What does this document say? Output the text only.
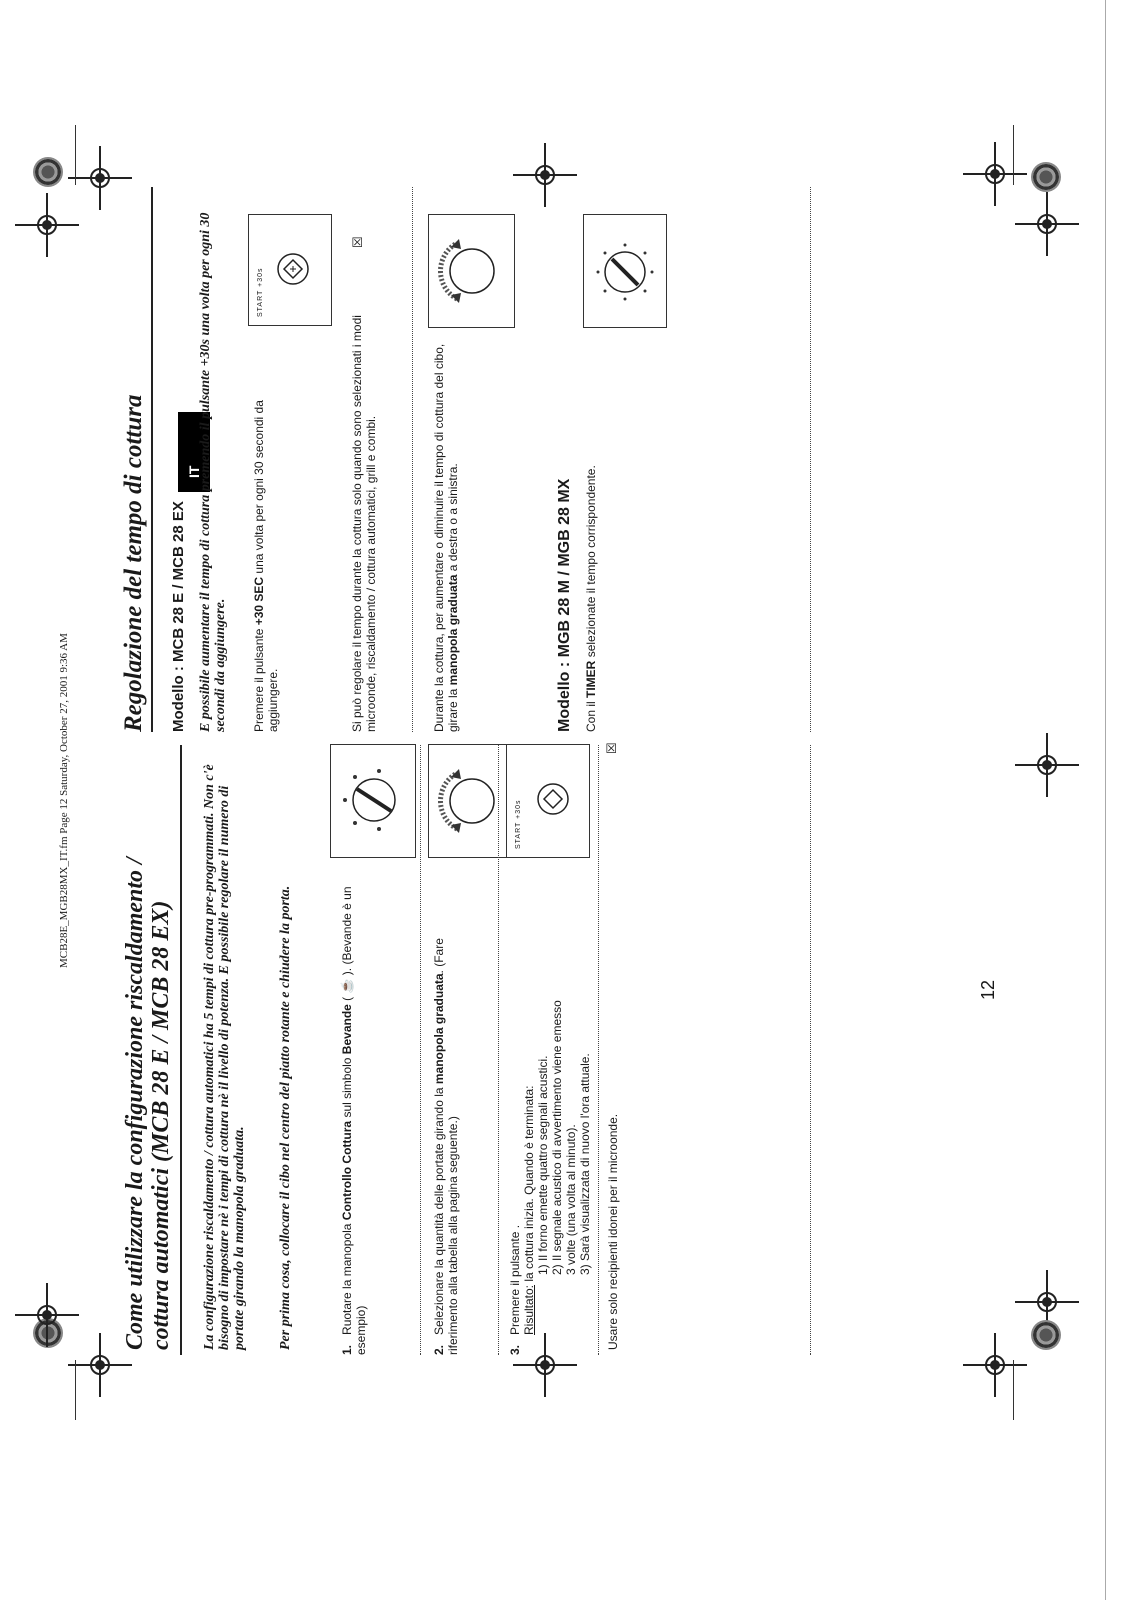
MCB28E_MGB28MX_IT.fm Page 12 Saturday, October 27, 2001 9:36 AM
IT
Regolazione del tempo di cottura Modello : MCB 28 E / MCB 28 EX E possibile aumentare il tempo di cottura premendo il pulsante +30s una volta per ogni 30 secondi da aggiungere.
START +30s
Premere il pulsante +30 SEC una volta per ogni 30 secondi da aggiungere.
☒
Si può regolare il tempo durante la cottura solo quando sono selezionati i modi microonde, riscaldamento / cottura automatici, grill e combi.	Durante la cottura, per aumentare o diminuire il tempo di cottura del cibo, girare la manopola graduata a destra o a sinistra.	Modello : MGB 28 M / MGB 28 MX Con il TIMER selezionate il tempo corrispondente.
Come utilizzare la configurazione riscaldamento / cottura automatici (MCB 28 E / MCB 28 EX) La configurazione riscaldamento / cottura automatici ha 5 tempi di cottura pre-programmati. Non c'è bisogno di impostare nè i tempi di cottura nè il livello di potenza. E possibile regolare il numero di portate girando la manopola graduata. Per prima cosa, collocare il cibo nel centro del piatto rotante e chiudere la porta.	1.   Ruotare la manopola Controllo Cottura sul simbolo Bevande ( ☕ ). (Bevande è un esempio)	2.   Selezionare la quantità delle portate girando la manopola graduata. (Fare riferimento alla tabella alla pagina seguente.)
START +30s
3.   Premere il pulsante . Risultato: la cottura inizia. Quando è terminata: 1) Il forno emette quattro segnali acustici. 2) Il segnale acustico di avvertimento viene emesso 3 volte (una volta al minuto). 3) Sarà visualizzata di nuovo l'ora attuale.
☒
Usare solo recipienti idonei per il microonde.
12
